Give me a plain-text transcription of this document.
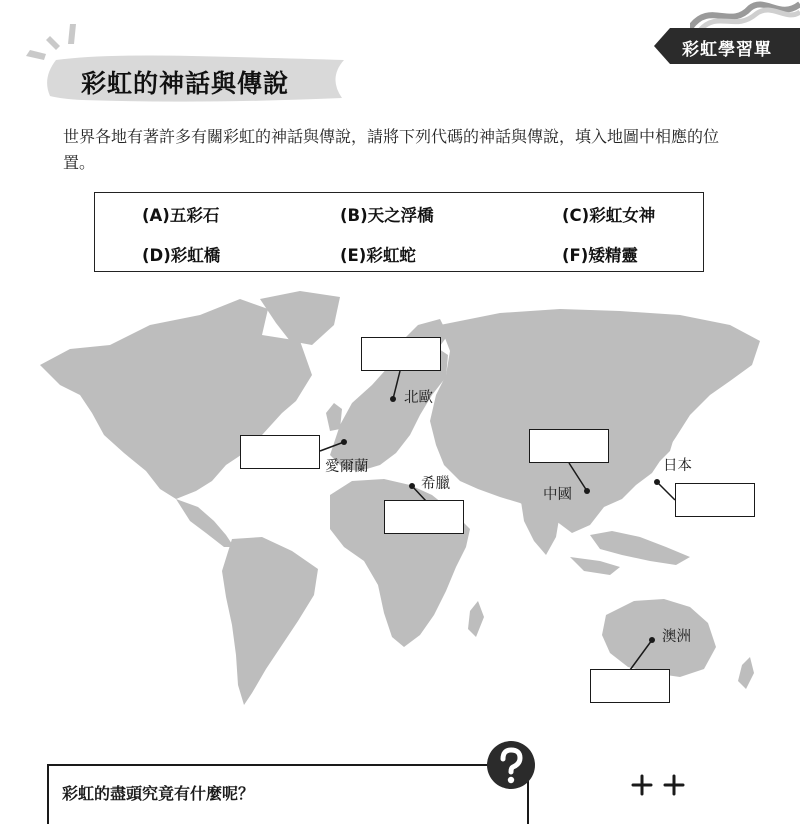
彩虹學習單
彩虹的神話與傳說
世界各地有著許多有關彩虹的神話與傳說，請將下列代碼的神話與傳說，填入地圖中相應的位置。
(A)五彩石	(B)天之浮橋	(C)彩虹女神
(D)彩虹橋	(E)彩虹蛇	(F)矮精靈
北歐
愛爾蘭
希臘
中國
日本
澳洲
彩虹的盡頭究竟有什麼呢？
